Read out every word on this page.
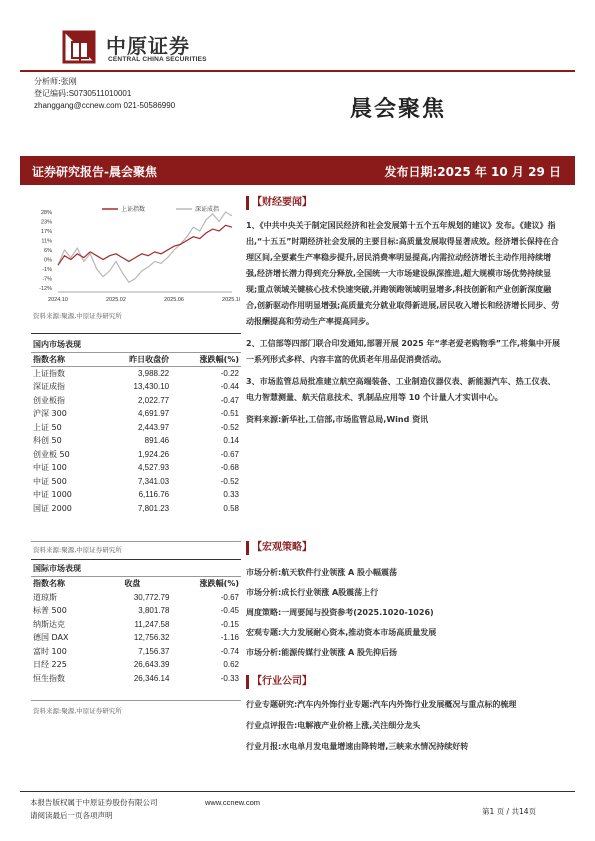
中原证券
CENTRAL CHINA SECURITIES
分析师:张刚
登记编码:S0730511010001
zhanggang@ccnew.com 021-50586990	晨会聚焦
证券研究报告-晨会聚焦	发布日期:2025 年 10 月 29 日
28%
23%
17%
11%
6%
0%
-1%
-7%
-12%
2024.10	2025.02	2025.06	2025.10
上证指数	深证成指
资料来源:聚源,中原证券研究所
国内市场表现
指数名称	昨日收盘价	涨跌幅(%)
上证指数	3,988.22	-0.22
深证成指	13,430.10	-0.44
创业板指	2,022.77	-0.47
沪深 300	4,691.97	-0.51
上证 50	2,443.97	-0.52
科创 50	891.46	0.14
创业板 50	1,924.26	-0.67
中证 100	4,527.93	-0.68
中证 500	7,341.03	-0.52
中证 1000	6,116.76	0.33
国证 2000	7,801.23	0.58
资料来源:聚源,中原证券研究所
国际市场表现
指数名称	收盘	涨跌幅(%)
道琼斯	30,772.79	-0.67
标普 500	3,801.78	-0.45
纳斯达克	11,247.58	-0.15
德国 DAX	12,756.32	-1.16
富时 100	7,156.37	-0.74
日经 225	26,643.39	0.62
恒生指数	26,346.14	-0.33
资料来源:聚源,中原证券研究所
【财经要闻】

1、《中共中央关于制定国民经济和社会发展第十五个五年规划的建议》发布。《建议》指出,“十五五”时期经济社会发展的主要目标:高质量发展取得显著成效。经济增长保持在合理区间,全要素生产率稳步提升,居民消费率明显提高,内需拉动经济增长主动作用持续增强,经济增长潜力得到充分释放,全国统一大市场建设纵深推进,超大规模市场优势持续显现;重点领域关键核心技术快速突破,并跑领跑领域明显增多,科技创新和产业创新深度融合,创新驱动作用明显增强;高质量充分就业取得新进展,居民收入增长和经济增长同步、劳动报酬提高和劳动生产率提高同步。

2、工信部等四部门联合印发通知,部署开展 2025 年“孝老爱老购物季”工作,将集中开展一系列形式多样、内容丰富的优质老年用品促消费活动。

3、市场监管总局批准建立航空高端装备、工业制造仪器仪表、新能源汽车、热工仪表、电力智慧测量、航天信息技术、乳制品应用等 10 个计量人才实训中心。

资料来源:新华社,工信部,市场监管总局,Wind 资讯

【宏观策略】

市场分析:航天软件行业领涨 A 股小幅震荡

市场分析:成长行业领涨 A股震荡上行

周度策略:一周要闻与投资参考(2025.1020-1026)

宏观专题:大力发展耐心资本,推动资本市场高质量发展

市场分析:能源传媒行业领涨 A 股先抑后扬

【行业公司】

行业专题研究:汽车内外饰行业专题:汽车内外饰行业发展概况与重点标的梳理

行业点评报告:电解液产业价格上涨,关注细分龙头

行业月报:水电单月发电量增速由降转增,三峡来水情况持续好转

本报告版权属于中原证券股份有限公司	www.ccnew.com
请阅读最后一页各项声明	第1 页 / 共14页
